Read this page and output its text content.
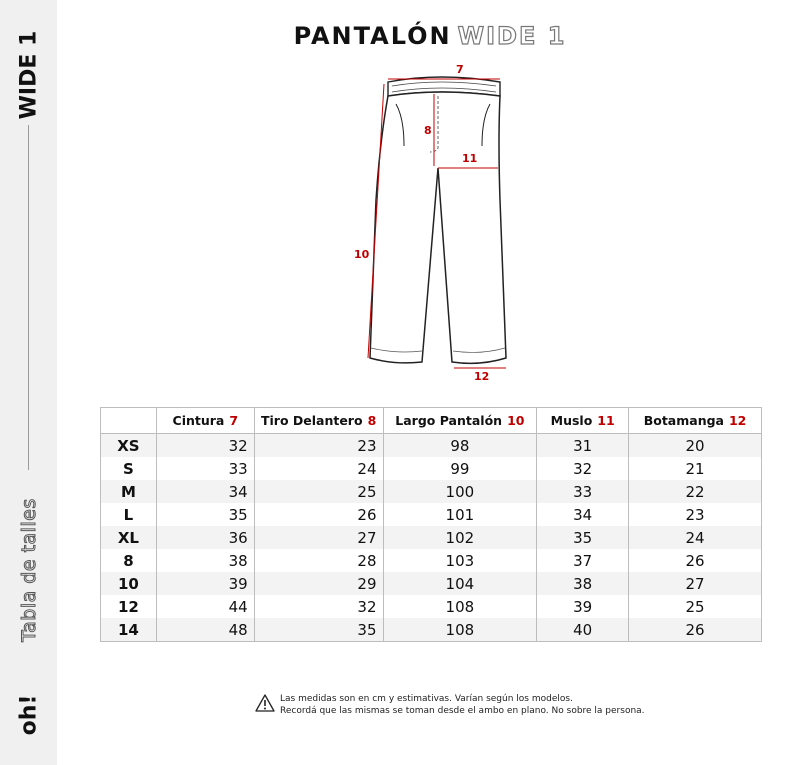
WIDE 1
Tabla de talles
oh!
PANTALÓN WIDE 1
7
8
10
11
12
	Cintura 7	Tiro Delantero 8	Largo Pantalón 10	Muslo 11	Botamanga 12
XS	32	23	98	31	20
S	33	24	99	32	21
M	34	25	100	33	22
L	35	26	101	34	23
XL	36	27	102	35	24
8	38	28	103	37	26
10	39	29	104	38	27
12	44	32	108	39	25
14	48	35	108	40	26
Las medidas son en cm y estimativas. Varían según los modelos.
Recordá que las mismas se toman desde el ambo en plano. No sobre la persona.
